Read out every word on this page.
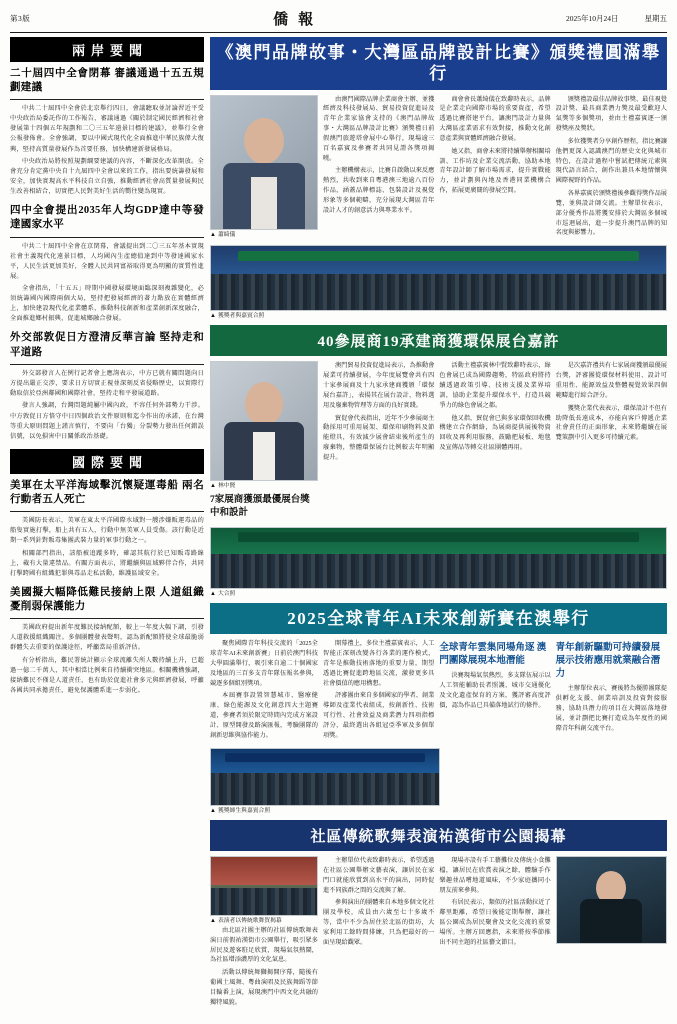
第3版	僑報	2025年10月24日	星期五
兩岸要聞
二十屆四中全會閉幕 審議通過十五五規劃建議

中共二十屆四中全會於北京舉行四日，會議聽取並討論習近平受中央政治局委託作的工作報告，審議通過《關於制定國民經濟和社會發展第十四個五年規劃和二〇三五年遠景目標的建議》，並舉行全會公報發佈會。全會強調，要以中國式現代化全面推進中華民族偉大復興，堅持高質量發展作為首要任務，加快構建新發展格局。

中央政治局將按照規劃綱要建議的內容，不斷深化改革開放。全會充分肯定黨中央自十九屆四中全會以來的工作，指出要統籌發展和安全，加快實現高水平科技自立自強，推動經濟社會高質量發展與民生改善相結合，切實把人民對美好生活的嚮往變為現實。

四中全會提出2035年人均GDP達中等發達國家水平

中共二十屆四中全會在京閉幕，會議提出到二〇三五年基本實現社會主義現代化遠景目標，人均國內生產總值達到中等發達國家水平，人民生活更加美好，全體人民共同富裕取得更為明顯的實質性進展。

全會指出，「十五五」時期中國發展環境面臨深刻複雜變化，必須統籌國內國際兩個大局，堅持把發展經濟的著力點放在實體經濟上，加快建設現代化產業體系，推動科技創新和產業創新深度融合，全面推進鄉村振興，促進城鄉融合發展。

外交部敦促日方澄清反華言論 堅持走和平道路

外交部發言人在例行記者會上應詢表示，中方已就有關問題向日方提出嚴正交涉，要求日方切實正視並深刻反省侵略歷史，以實際行動取信於亞洲鄰國和國際社會，堅持走和平發展道路。

發言人強調，台灣問題純屬中國內政，不容任何外部勢力干涉。中方敦促日方恪守中日四個政治文件原則和迄今作出的承諾，在台灣等重大原則問題上謹言慎行，不要向「台獨」分裂勢力發出任何錯誤信號，以免損害中日關係政治基礎。

國際要聞
美軍在太平洋海域擊沉懷疑運毒船 兩名行動者五人死亡

美國防長表示，美軍在東太平洋國際水域對一艘涉嫌販運毒品的船隻實施打擊，船上共有五人，行動中無美軍人員受傷。該行動是近期一系列針對販毒集團武裝力量的軍事行動之一。

相關部門指出，該船被追蹤多時，確認其航行於已知販毒路線上，載有大量違禁品。有關方面表示，將繼續與區域夥伴合作，共同打擊跨國有組織犯罪與毒品走私活動，維護區域安全。

美國擬大幅降低難民接納上限 人道組織憂削弱保護能力

美國政府提出新年度難民接納配額，較上一年度大幅下調，引發人道救援組織關注。多個團體發表聲明，認為新配額將使全球最脆弱群體失去重要的保護途徑，呼籲當局重新評估。

有分析指出，難民署統計顯示全球流離失所人數持續上升，已超過一億二千萬人，其中相當比例來自持續衝突地區。相關機構強調，接納難民不僅是人道責任，也有助於促進社會多元與經濟發展，呼籲各國共同承擔責任，避免保護體系進一步弱化。

《澳門品牌故事・大灣區品牌設計比賽》頒獎禮圓滿舉行
▲ 蕭綺儀

由澳門國際品牌企業商會主辦、並獲經濟及科技發展局、貿易投資促進局及青年企業家協會支持的《澳門品牌故事・大灣區品牌設計比賽》頒獎禮日前假澳門旅遊塔會展中心舉行，現場逾三百名嘉賓及參賽者共同見證各獎項揭曉。

主辦機構表示，比賽自啟動以來反應熱烈，共收到來自粵港澳三地逾八百份作品，涵蓋品牌標誌、包裝設計及視覺形象等多個範疇，充分展現大灣區青年設計人才的創意活力與專業水平。

商會會長蕭綺儀在致辭時表示，品牌是企業走向國際市場的重要資產，希望透過比賽搭建平台，讓澳門設計力量與大灣區產業需求有效對接，推動文化創意產業與實體經濟融合發展。

她又指，商會未來將持續舉辦相關培訓、工作坊及企業交流活動，協助本地青年設計師了解市場需求，提升實戰能力，並計劃與內地及香港同業機構合作，拓展更廣闊的發展空間。

頒獎禮設最佳品牌故事獎、最佳視覺設計獎、最具商業潛力獎及最受歡迎人氣獎等多個獎項，並由主禮嘉賓逐一頒發獎座及獎狀。

多位獲獎者分享創作歷程，指比賽讓他們更深入認識澳門的歷史文化與城市特色，在設計過程中嘗試把傳統元素與現代語言結合，創作出兼具本地情懷與國際視野的作品。

各界嘉賓於頒獎禮後參觀得獎作品展覽，並與設計師交流。主辦單位表示，部分優秀作品將獲安排於大灣區多個城市巡迴展出，進一步提升澳門品牌的知名度與影響力。

▲ 獲獎者與嘉賓合照
40參展商19承建商獲環保展台嘉許
▲ 林中賢
7家展商獲頒最優展台獎 中和設計

澳門貿易投資促進局表示，為推動會展業可持續發展，今年度展覽會共有四十家參展商及十九家承建商獲頒「環保展台嘉許」，表揚其在展台設計、物料選用及廢棄物管理等方面的良好實踐。

貿促會代表指出，近年不少參展商主動採用可重用展架、環保印刷物料及節能燈具，有效減少展會結束後所產生的廢棄物，整體環保展台比例較去年明顯提升。

活動主禮嘉賓林中賢致辭時表示，綠色會展已成為國際趨勢，特區政府將持續透過政策引導、技術支援及業界培訓，協助企業提升環保水平，打造具競爭力的綠色會展之都。

他又指，貿促會已與多家環保回收機構建立合作網絡，為展商提供展後物資回收及再利用服務，鼓勵把展板、地毯及宣傳品等轉交社區團體再用。

是次嘉許禮共有七家展商獲頒最優展台獎，評審團從環保材料使用、設計可重用性、能源效益及整體視覺效果四個範疇進行綜合評分。

獲獎企業代表表示，環保設計不但有助降低長遠成本，亦能向客戶傳遞企業社會責任的正面形象，未來將繼續在展覽策劃中引入更多可持續元素。

▲ 大合照
2025全球青年AI未來創新賽在澳舉行

聚焦國際青年科技交流的「2025全球青年AI未來創新賽」日前於澳門科技大學圓滿舉行，吸引來自逾二十個國家及地區的三百多支青年隊伍報名參與，競逐多個組別獎項。

本屆賽事設置智慧城市、醫療健康、綠色能源及文化創意四大主題賽道，參賽者須於限定時間內完成方案設計、原型開發及路演匯報，考驗團隊的創新思維與協作能力。

開幕禮上，多位主禮嘉賓表示，人工智能正深刻改變各行各業的運作模式，青年是推動技術落地的重要力量，期望透過比賽促進跨地區交流，激發更多具社會價值的應用構想。

評審團由來自多個國家的學者、創業導師及產業代表組成，按創新性、技術可行性、社會效益及商業潛力四項指標評分，最終選出各組冠亞季軍及多個單項獎。

全球青年雲集同場角逐 澳門團隊展現本地潛能

決賽現場氣氛熱烈，多支隊伍展示以人工智能輔助長者照護、城市交通優化及文化遺產保育的方案，獲評審高度評價，認為作品已具備落地試行的條件。

青年創新驅動可持續發展 展示技術應用就業融合潛力

主辦單位表示，賽後將為優勝團隊提供孵化支援、創業培訓及投資對接服務，協助具潛力的項目在大灣區落地發展，並計劃把比賽打造成為年度性的國際青年科創交流平台。

▲ 獲獎師生與嘉賓合照
社區傳統歌舞表演祐漢街市公園揭幕
▲ 表演者以傳統歌舞賀揭幕

由北區社團主辦的社區傳統歌舞表演日前假祐漢街市公園舉行，吸引眾多居民及遊客駐足欣賞，現場氣氛熱鬧，為社區增添濃厚的文化氣息。

活動以傳統舞獅揭開序幕，隨後有葡國土風舞、粵曲演唱及民族舞蹈等節目輪番上演，展現澳門中西文化共融的獨特風貌。

主辦單位代表致辭時表示，希望透過在社區公園舉辦文藝表演，讓居民在家門口就能欣賞到高水平的演出，同時促進不同族群之間的交流與了解。

參與演出的團體來自本地多個文化社團及學校，成員由六歲至七十多歲不等，當中不少為居住於北區的街坊，大家利用工餘時間排練，只為把最好的一面呈現給觀眾。

現場亦設有手工藝攤位及傳統小食攤檔，讓居民在欣賞表演之餘，體驗手作樂趣並品嚐地道風味，不少家庭攜同小朋友前來參與。

有居民表示，類似的社區活動拉近了鄰里距離，希望日後能定期舉辦，讓社區公園成為居民聚會及文化交流的重要場所。主辦方回應指，未來將按季節推出不同主題的社區藝文節目。
